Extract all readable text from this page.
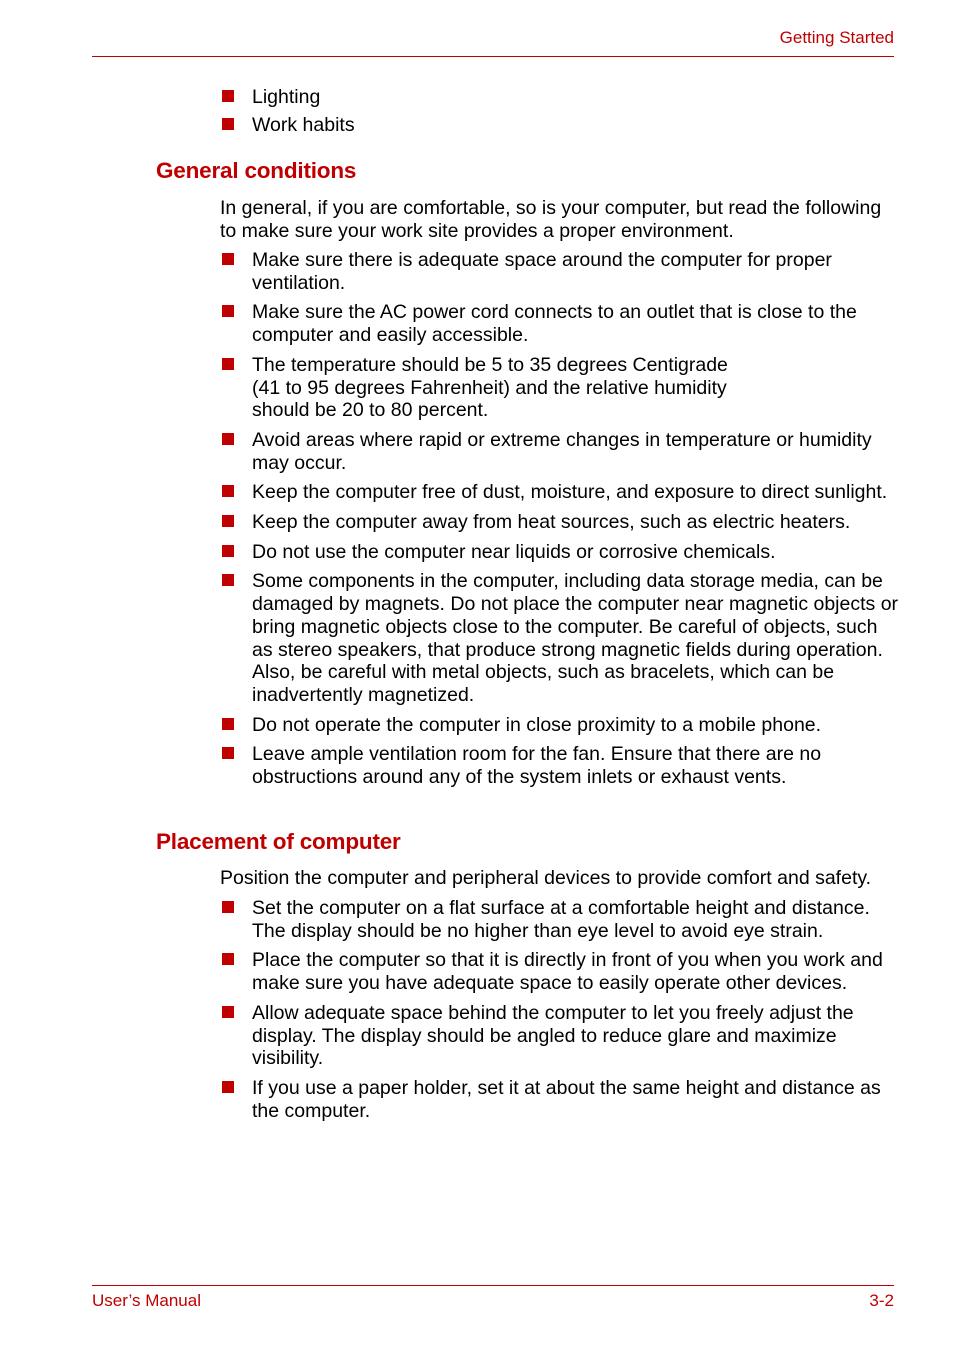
Getting Started
Lighting
Work habits
General conditions

In general, if you are comfortable, so is your computer, but read the following to make sure your work site provides a proper environment.

Make sure there is adequate space around the computer for proper ventilation.
Make sure the AC power cord connects to an outlet that is close to the computer and easily accessible.
The temperature should be 5 to 35 degrees Centigrade (41 to 95 degrees Fahrenheit) and the relative humidity should be 20 to 80 percent.
Avoid areas where rapid or extreme changes in temperature or humidity may occur.
Keep the computer free of dust, moisture, and exposure to direct sunlight.
Keep the computer away from heat sources, such as electric heaters.
Do not use the computer near liquids or corrosive chemicals.
Some components in the computer, including data storage media, can be damaged by magnets. Do not place the computer near magnetic objects or bring magnetic objects close to the computer. Be careful of objects, such as stereo speakers, that produce strong magnetic fields during operation. Also, be careful with metal objects, such as bracelets, which can be inadvertently magnetized.
Do not operate the computer in close proximity to a mobile phone.
Leave ample ventilation room for the fan. Ensure that there are no obstructions around any of the system inlets or exhaust vents.
Placement of computer

Position the computer and peripheral devices to provide comfort and safety.

Set the computer on a flat surface at a comfortable height and distance. The display should be no higher than eye level to avoid eye strain.
Place the computer so that it is directly in front of you when you work and make sure you have adequate space to easily operate other devices.
Allow adequate space behind the computer to let you freely adjust the display. The display should be angled to reduce glare and maximize visibility.
If you use a paper holder, set it at about the same height and distance as the computer.
User’s Manual	3-2
